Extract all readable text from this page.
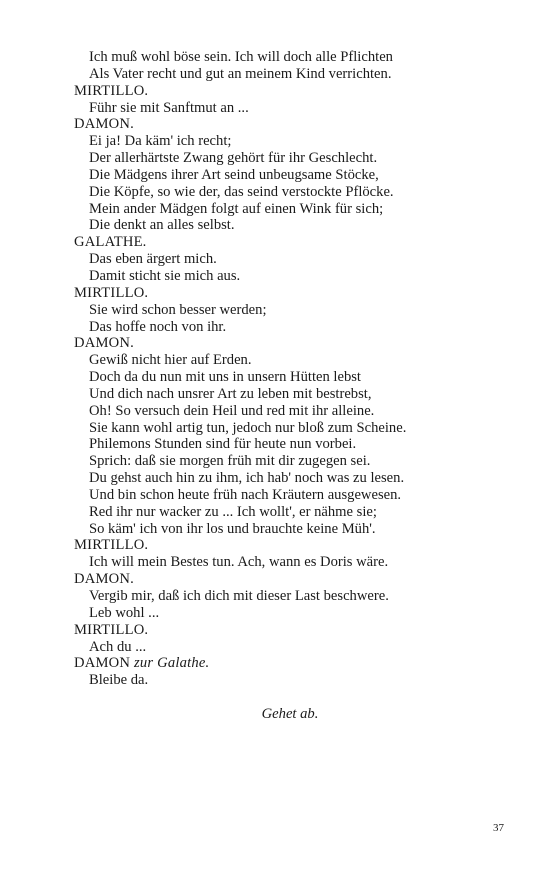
Ich muß wohl böse sein. Ich will doch alle Pflichten
Als Vater recht und gut an meinem Kind verrichten.
MIRTILLO.
Führ sie mit Sanftmut an ...
DAMON.
Ei ja! Da käm' ich recht;
Der allerhärtste Zwang gehört für ihr Geschlecht.
Die Mädgens ihrer Art seind unbeugsame Stöcke,
Die Köpfe, so wie der, das seind verstockte Pflöcke.
Mein ander Mädgen folgt auf einen Wink für sich;
Die denkt an alles selbst.
GALATHE.
Das eben ärgert mich.
Damit sticht sie mich aus.
MIRTILLO.
Sie wird schon besser werden;
Das hoffe noch von ihr.
DAMON.
Gewiß nicht hier auf Erden.
Doch da du nun mit uns in unsern Hütten lebst
Und dich nach unsrer Art zu leben mit bestrebst,
Oh! So versuch dein Heil und red mit ihr alleine.
Sie kann wohl artig tun, jedoch nur bloß zum Scheine.
Philemons Stunden sind für heute nun vorbei.
Sprich: daß sie morgen früh mit dir zugegen sei.
Du gehst auch hin zu ihm, ich hab' noch was zu lesen.
Und bin schon heute früh nach Kräutern ausgewesen.
Red ihr nur wacker zu ... Ich wollt', er nähme sie;
So käm' ich von ihr los und brauchte keine Müh'.
MIRTILLO.
Ich will mein Bestes tun. Ach, wann es Doris wäre.
DAMON.
Vergib mir, daß ich dich mit dieser Last beschwere.
Leb wohl ...
MIRTILLO.
Ach du ...
DAMON zur Galathe.
Bleibe da.
Gehet ab.
37
